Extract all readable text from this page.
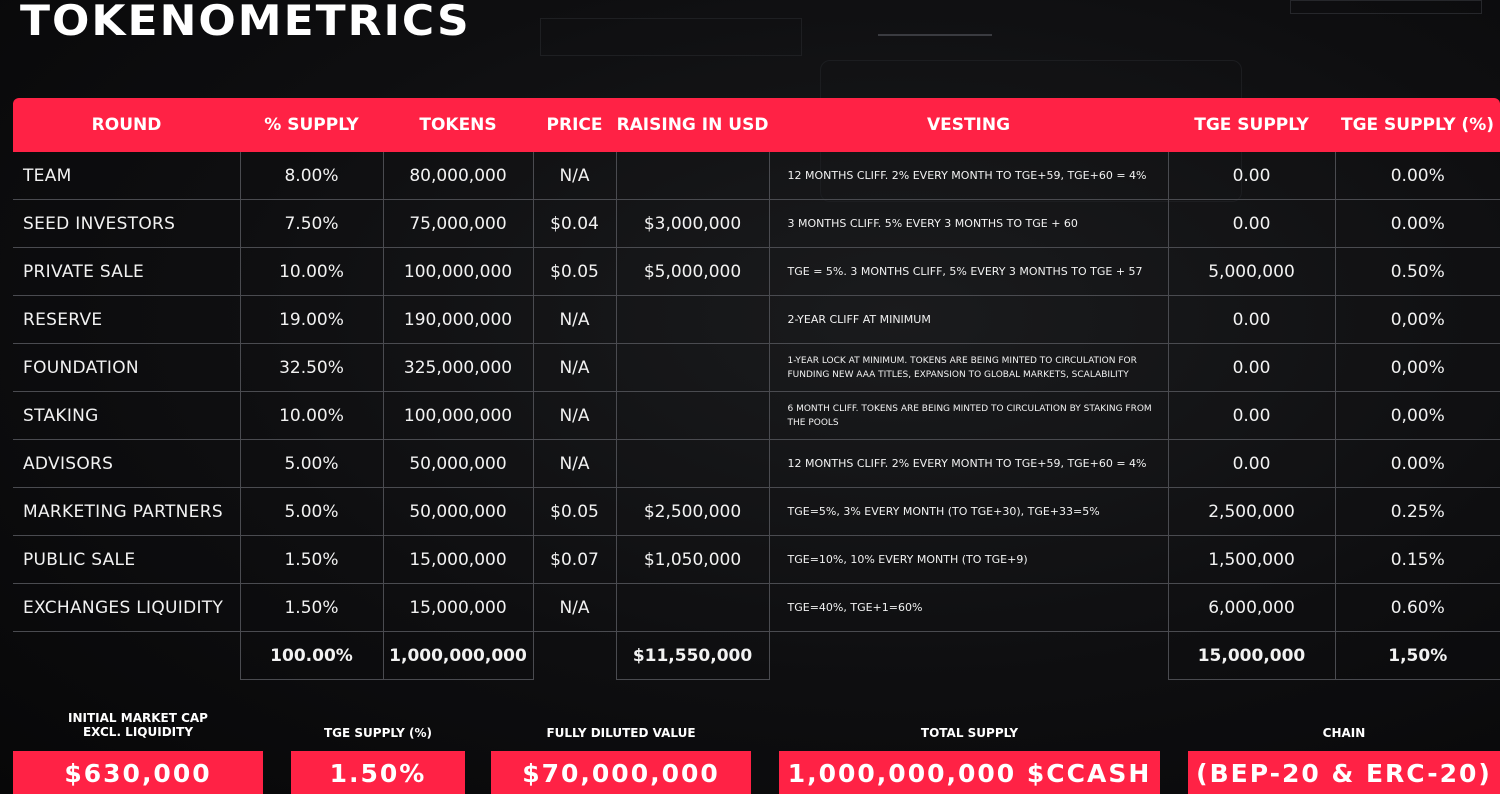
TOKENOMETRICS
ROUND	% SUPPLY	TOKENS	PRICE	RAISING IN USD	VESTING	TGE SUPPLY	TGE SUPPLY (%)
TEAM	8.00%	80,000,000	N/A		12 MONTHS CLIFF. 2% EVERY MONTH TO TGE+59, TGE+60 = 4%	0.00	0.00%
SEED INVESTORS	7.50%	75,000,000	$0.04	$3,000,000	3 MONTHS CLIFF. 5% EVERY 3 MONTHS TO TGE + 60	0.00	0.00%
PRIVATE SALE	10.00%	100,000,000	$0.05	$5,000,000	TGE = 5%. 3 MONTHS CLIFF, 5% EVERY 3 MONTHS TO TGE + 57	5,000,000	0.50%
RESERVE	19.00%	190,000,000	N/A		2-YEAR CLIFF AT MINIMUM	0.00	0,00%
FOUNDATION	32.50%	325,000,000	N/A		1-YEAR LOCK AT MINIMUM. TOKENS ARE BEING MINTED TO CIRCULATION FOR FUNDING NEW AAA TITLES, EXPANSION TO GLOBAL MARKETS, SCALABILITY	0.00	0,00%
STAKING	10.00%	100,000,000	N/A		6 MONTH CLIFF. TOKENS ARE BEING MINTED TO CIRCULATION BY STAKING FROM THE POOLS	0.00	0,00%
ADVISORS	5.00%	50,000,000	N/A		12 MONTHS CLIFF. 2% EVERY MONTH TO TGE+59, TGE+60 = 4%	0.00	0.00%
MARKETING PARTNERS	5.00%	50,000,000	$0.05	$2,500,000	TGE=5%, 3% EVERY MONTH (TO TGE+30), TGE+33=5%	2,500,000	0.25%
PUBLIC SALE	1.50%	15,000,000	$0.07	$1,050,000	TGE=10%, 10% EVERY MONTH (TO TGE+9)	1,500,000	0.15%
EXCHANGES LIQUIDITY	1.50%	15,000,000	N/A		TGE=40%, TGE+1=60%	6,000,000	0.60%
	100.00%	1,000,000,000		$11,550,000		15,000,000	1,50%
INITIAL MARKET CAP
EXCL. LIQUIDITY
$630,000
TGE SUPPLY (%)
1.50%
FULLY DILUTED VALUE
$70,000,000
TOTAL SUPPLY
1,000,000,000 $CCASH
CHAIN
(BEP-20 & ERC-20)
